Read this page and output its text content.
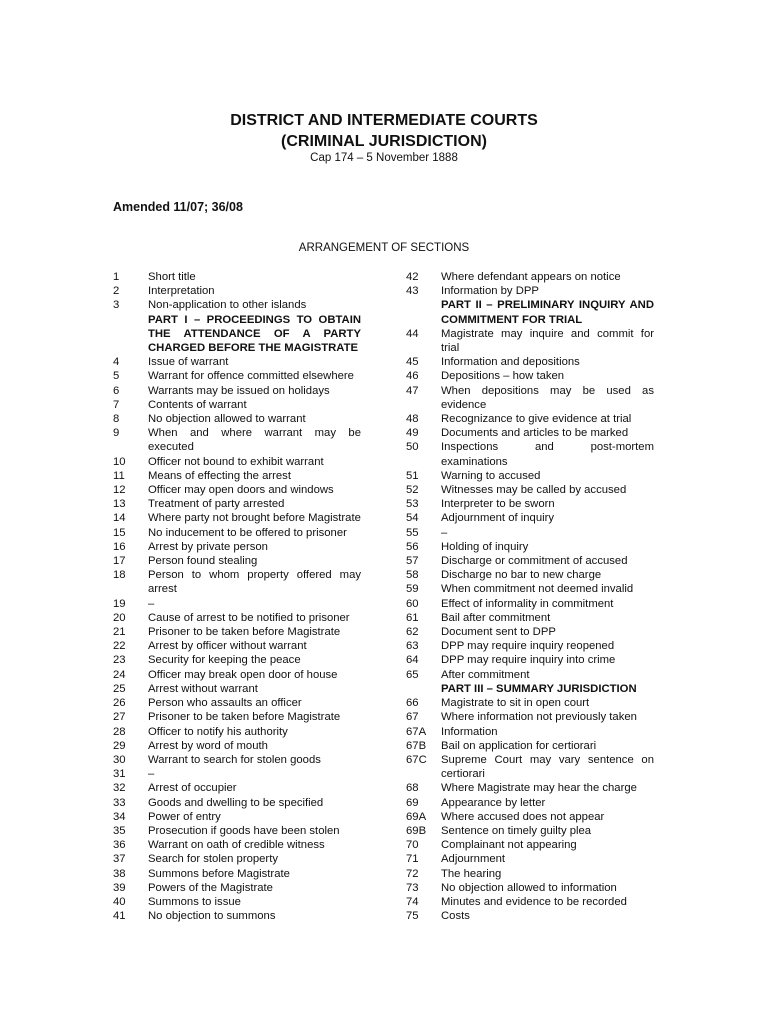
DISTRICT AND INTERMEDIATE COURTS
(CRIMINAL JURISDICTION)
Cap 174 – 5 November 1888
Amended 11/07; 36/08
ARRANGEMENT OF SECTIONS
1	Short title
2	Interpretation
3	Non-application to other islands
PART I – PROCEEDINGS TO OBTAIN THE ATTENDANCE OF A PARTY CHARGED BEFORE THE MAGISTRATE
4	Issue of warrant
5	Warrant for offence committed elsewhere
6	Warrants may be issued on holidays
7	Contents of warrant
8	No objection allowed to warrant
9	When and where warrant may be executed
10	Officer not bound to exhibit warrant
11	Means of effecting the arrest
12	Officer may open doors and windows
13	Treatment of party arrested
14	Where party not brought before Magistrate
15	No inducement to be offered to prisoner
16	Arrest by private person
17	Person found stealing
18	Person to whom property offered may arrest
19	–
20	Cause of arrest to be notified to prisoner
21	Prisoner to be taken before Magistrate
22	Arrest by officer without warrant
23	Security for keeping the peace
24	Officer may break open door of house
25	Arrest without warrant
26	Person who assaults an officer
27	Prisoner to be taken before Magistrate
28	Officer to notify his authority
29	Arrest by word of mouth
30	Warrant to search for stolen goods
31	–
32	Arrest of occupier
33	Goods and dwelling to be specified
34	Power of entry
35	Prosecution if goods have been stolen
36	Warrant on oath of credible witness
37	Search for stolen property
38	Summons before Magistrate
39	Powers of the Magistrate
40	Summons to issue
41	No objection to summons
42	Where defendant appears on notice
43	Information by DPP
PART II – PRELIMINARY INQUIRY AND COMMITMENT FOR TRIAL
44	Magistrate may inquire and commit for trial
45	Information and depositions
46	Depositions – how taken
47	When depositions may be used as evidence
48	Recognizance to give evidence at trial
49	Documents and articles to be marked
50	Inspections and post-mortem examinations
51	Warning to accused
52	Witnesses may be called by accused
53	Interpreter to be sworn
54	Adjournment of inquiry
55	–
56	Holding of inquiry
57	Discharge or commitment of accused
58	Discharge no bar to new charge
59	When commitment not deemed invalid
60	Effect of informality in commitment
61	Bail after commitment
62	Document sent to DPP
63	DPP may require inquiry reopened
64	DPP may require inquiry into crime
65	After commitment
PART III – SUMMARY JURISDICTION
66	Magistrate to sit in open court
67	Where information not previously taken
67A	Information
67B	Bail on application for certiorari
67C	Supreme Court may vary sentence on certiorari
68	Where Magistrate may hear the charge
69	Appearance by letter
69A	Where accused does not appear
69B	Sentence on timely guilty plea
70	Complainant not appearing
71	Adjournment
72	The hearing
73	No objection allowed to information
74	Minutes and evidence to be recorded
75	Costs
